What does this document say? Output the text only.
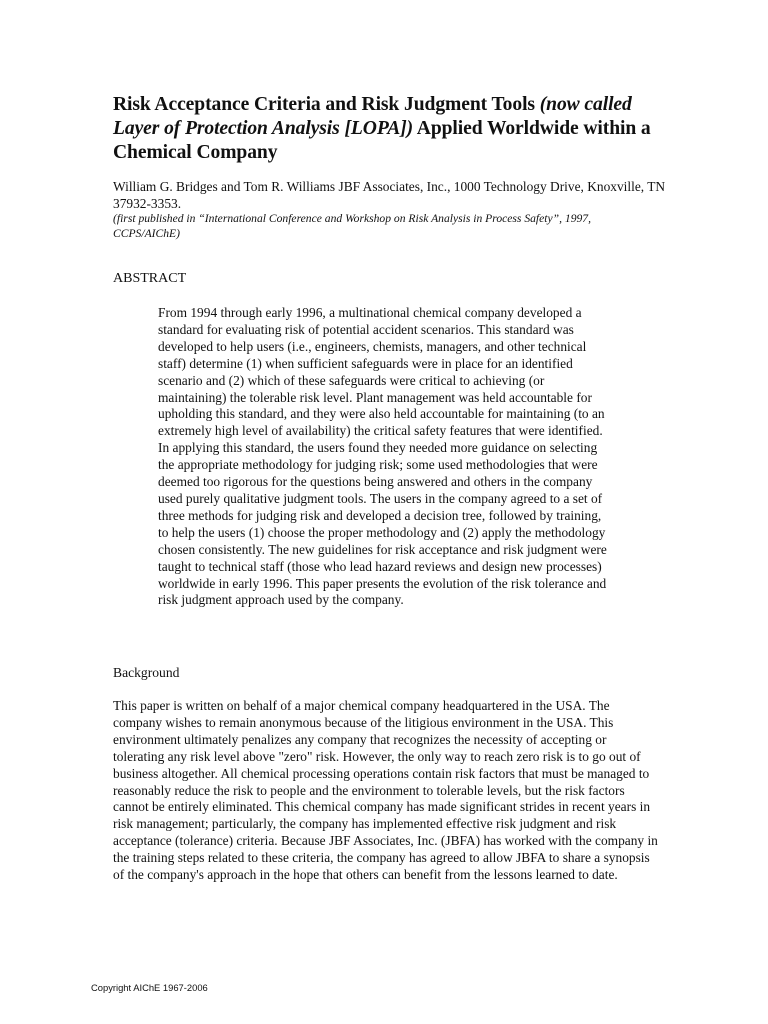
Risk Acceptance Criteria and Risk Judgment Tools (now called Layer of Protection Analysis [LOPA]) Applied Worldwide within a Chemical Company

William G. Bridges and Tom R. Williams JBF Associates, Inc., 1000 Technology Drive, Knoxville, TN 37932-3353.

(first published in “International Conference and Workshop on Risk Analysis in Process Safety”, 1997, CCPS/AIChE)

ABSTRACT

From 1994 through early 1996, a multinational chemical company developed a standard for evaluating risk of potential accident scenarios. This standard was developed to help users (i.e., engineers, chemists, managers, and other technical staff) determine (1) when sufficient safeguards were in place for an identified scenario and (2) which of these safeguards were critical to achieving (or maintaining) the tolerable risk level. Plant management was held accountable for upholding this standard, and they were also held accountable for maintaining (to an extremely high level of availability) the critical safety features that were identified. In applying this standard, the users found they needed more guidance on selecting the appropriate methodology for judging risk; some used methodologies that were deemed too rigorous for the questions being answered and others in the company used purely qualitative judgment tools. The users in the company agreed to a set of three methods for judging risk and developed a decision tree, followed by training, to help the users (1) choose the proper methodology and (2) apply the methodology chosen consistently. The new guidelines for risk acceptance and risk judgment were taught to technical staff (those who lead hazard reviews and design new processes) worldwide in early 1996. This paper presents the evolution of the risk tolerance and risk judgment approach used by the company.

Background

This paper is written on behalf of a major chemical company headquartered in the USA. The company wishes to remain anonymous because of the litigious environment in the USA. This environment ultimately penalizes any company that recognizes the necessity of accepting or tolerating any risk level above "zero" risk. However, the only way to reach zero risk is to go out of business altogether. All chemical processing operations contain risk factors that must be managed to reasonably reduce the risk to people and the environment to tolerable levels, but the risk factors cannot be entirely eliminated. This chemical company has made significant strides in recent years in risk management; particularly, the company has implemented effective risk judgment and risk acceptance (tolerance) criteria. Because JBF Associates, Inc. (JBFA) has worked with the company in the training steps related to these criteria, the company has agreed to allow JBFA to share a synopsis of the company's approach in the hope that others can benefit from the lessons learned to date.

Copyright AIChE 1967-2006
